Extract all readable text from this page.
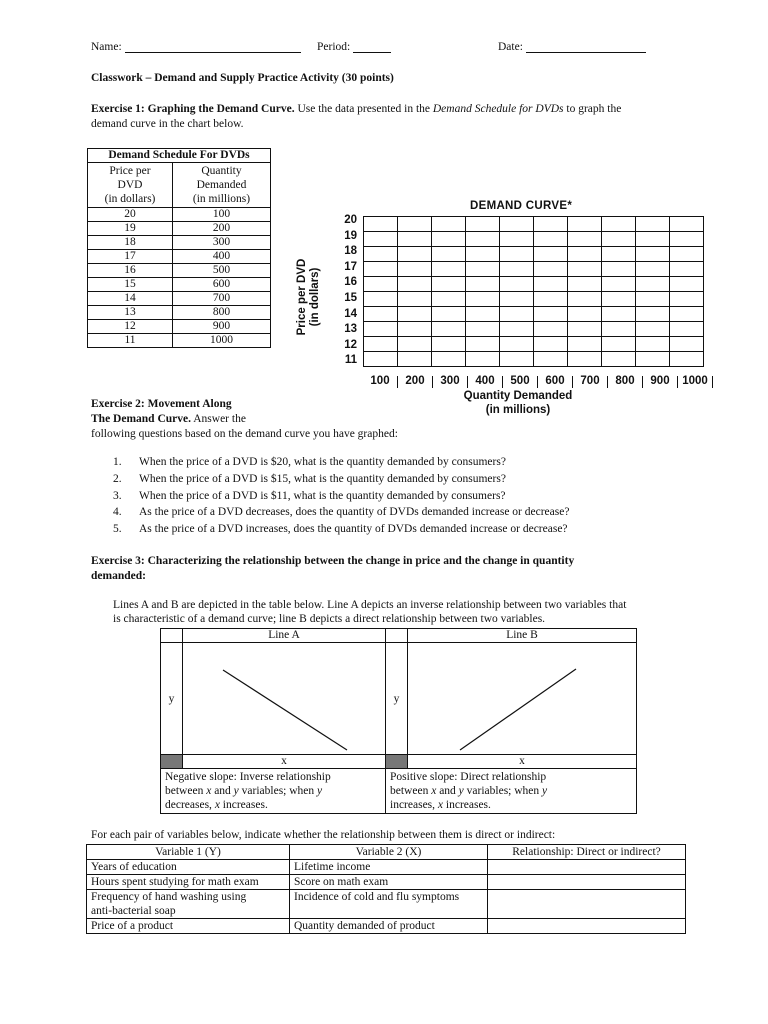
Name:	Period:	Date:
Classwork – Demand and Supply Practice Activity (30 points)
Exercise 1: Graphing the Demand Curve. Use the data presented in the Demand Schedule for DVDs to graph the
demand curve in the chart below.
Demand Schedule For DVDs	
Price per
DVD
(in dollars)	Quantity
Demanded
(in millions)
20	100
19	200
18	300
17	400
16	500
15	600
14	700
13	800
12	900
11	1000
DEMAND CURVE*
Price per DVD
(in dollars)
20
19
18
17
16
15
14
13
12
11

100	200	300	400	500	600	700	800	900	1000
Quantity Demanded
(in millions)
Exercise 2: Movement Along
The Demand Curve. Answer the
following questions based on the demand curve you have graphed:
1.	When the price of a DVD is $20, what is the quantity demanded by consumers?
2.	When the price of a DVD is $15, what is the quantity demanded by consumers?
3.	When the price of a DVD is $11, what is the quantity demanded by consumers?
4.	As the price of a DVD decreases, does the quantity of DVDs demanded increase or decrease?
5.	As the price of a DVD increases, does the quantity of DVDs demanded increase or decrease?
Exercise 3: Characterizing the relationship between the change in price and the change in quantity
demanded:
Lines A and B are depicted in the table below. Line A depicts an inverse relationship between two variables that
is characteristic of a demand curve; line B depicts a direct relationship between two variables.
	Line A		Line B
y		y	

	x		x
Negative slope: Inverse relationship
between x and y variables; when y
decreases, x increases.		Positive slope: Direct relationship
between x and y variables; when y
increases, x increases.	
For each pair of variables below, indicate whether the relationship between them is direct or indirect:
Variable 1 (Y)	Variable 2 (X)	Relationship: Direct or indirect?
Years of education	Lifetime income	
Hours spent studying for math exam	Score on math exam	
Frequency of hand washing using
anti-bacterial soap	Incidence of cold and flu symptoms	
Price of a product	Quantity demanded of product	
